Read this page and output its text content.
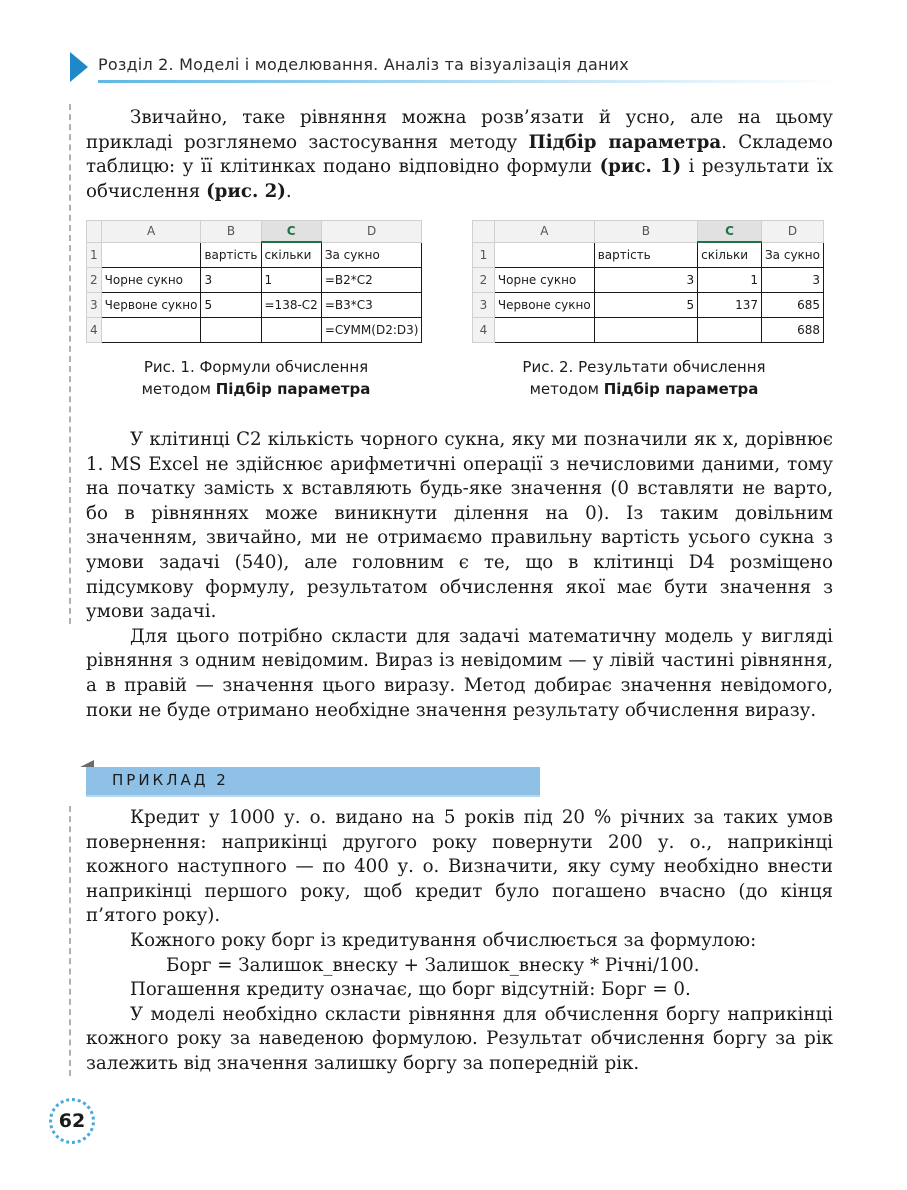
Розділ 2. Моделі і моделювання. Аналіз та візуалізація даних

Звичайно, таке рівняння можна розв’язати й усно, але на цьому прикладі розглянемо застосування методу Підбір параметра. Складемо таблицю: у її клітинках подано відповідно формули (рис. 1) і результати їх обчислення (рис. 2).

	A	B	C	D
1		вартість	скільки	За сукно
2	Чорне сукно	3	1	=B2*C2
3	Червоне сукно	5	=138-C2	=B3*C3
4				=СУММ(D2:D3)
Рис. 1. Формули обчислення
методом Підбір параметра
	A	B	C	D
1		вартість	скільки	За сукно
2	Чорне сукно	3	1	3
3	Червоне сукно	5	137	685
4				688
Рис. 2. Результати обчислення
методом Підбір параметра

У клітинці C2 кількість чорного сукна, яку ми позначили як x, дорівнює 1. MS Excel не здійснює арифметичні операції з нечисловими даними, тому на початку замість x вставляють будь-яке значення (0 вставляти не варто, бо в рівняннях може виникнути ділення на 0). Із таким довільним значенням, звичайно, ми не отримаємо правильну вартість усього сукна з умови задачі (540), але головним є те, що в клітинці D4 розміщено підсумкову формулу, результатом обчислення якої має бути значення з умови задачі.

Для цього потрібно скласти для задачі математичну модель у вигляді рівняння з одним невідомим. Вираз із невідомим — у лівій частині рівняння, а в правій — значення цього виразу. Метод добирає значення невідомого, поки не буде отримано необхідне значення результату обчислення виразу.

ПРИКЛАД 2

Кредит у 1000 у. о. видано на 5 років під 20 % річних за таких умов повернення: наприкінці другого року повернути 200 у. о., наприкінці кожного наступного — по 400 у. о. Визначити, яку суму необхідно внести наприкінці першого року, щоб кредит було погашено вчасно (до кінця п’ятого року).

Кожного року борг із кредитування обчислюється за формулою:

Борг = Залишок_внеску + Залишок_внеску * Річні/100.

Погашення кредиту означає, що борг відсутній: Борг = 0.

У моделі необхідно скласти рівняння для обчислення боргу наприкінці кожного року за наведеною формулою. Результат обчислення боргу за рік залежить від значення залишку боргу за попередній рік.

62
